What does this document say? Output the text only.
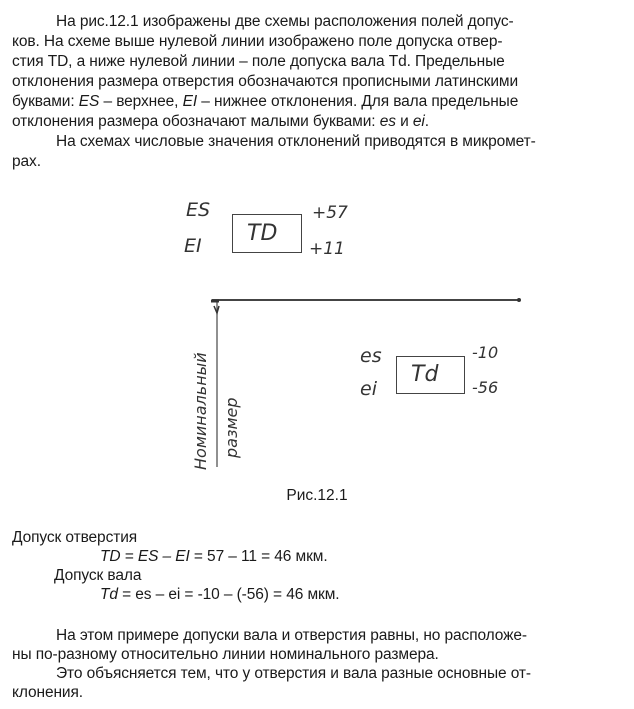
На рис.12.1 изображены две схемы расположения полей допус-
ков. На схеме выше нулевой линии изображено поле допуска отвер-
стия TD, а ниже нулевой линии – поле допуска вала Td. Предельные
отклонения размера отверстия обозначаются прописными латинскими
буквами: ES – верхнее, EI – нижнее отклонения. Для вала предельные
отклонения размера обозначают малыми буквами: es и ei.
На схемах числовые значения отклонений приводятся в микромет-
рах.
ES
EI TD
+57
+11
es
ei
Td
-10
-56
Номинальный размер
Рис.12.1
Допуск отверстия
TD = ES – EI = 57 – 11 = 46 мкм.
Допуск вала
Td = es – ei = -10 – (-56) = 46 мкм.
На этом примере допуски вала и отверстия равны, но расположе-
ны по-разному относительно линии номинального размера.
Это объясняется тем, что у отверстия и вала разные основные от-
клонения.
